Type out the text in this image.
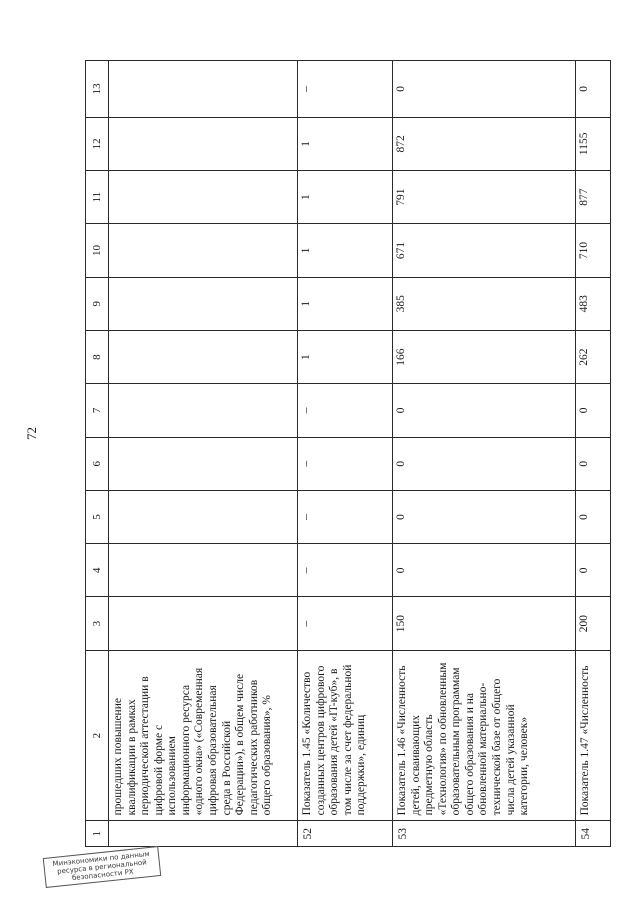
72
1	2	3	4	5	6	7	8	9	10	11	12	13
	прошедших повышение квалификации в рамках периодической аттестации в цифровой форме с использованием информационного ресурса «одного окна» («Современная цифровая образовательная среда в Российской Федерации»), в общем числе педагогических работников общего образования», %											
52	Показатель 1.45 «Количество созданных центров цифрового образования детей «IT-куб», в том числе за счет федеральной поддержки», единиц	–	–	–	–	–	1	1	1	1	1	–
53	Показатель 1.46 «Численность детей, осваивающих предметную область «Технология» по обновленным образовательным программам общего образования и на обновленной материально-технической базе от общего числа детей указанной категории, человек»	150	0	0	0	0	166	385	671	791	872	0
54	Показатель 1.47 «Численность	200	0	0	0	0	262	483	710	877	1155	0
Минэкономики по данным ресурса в региональной безопасности РХ
